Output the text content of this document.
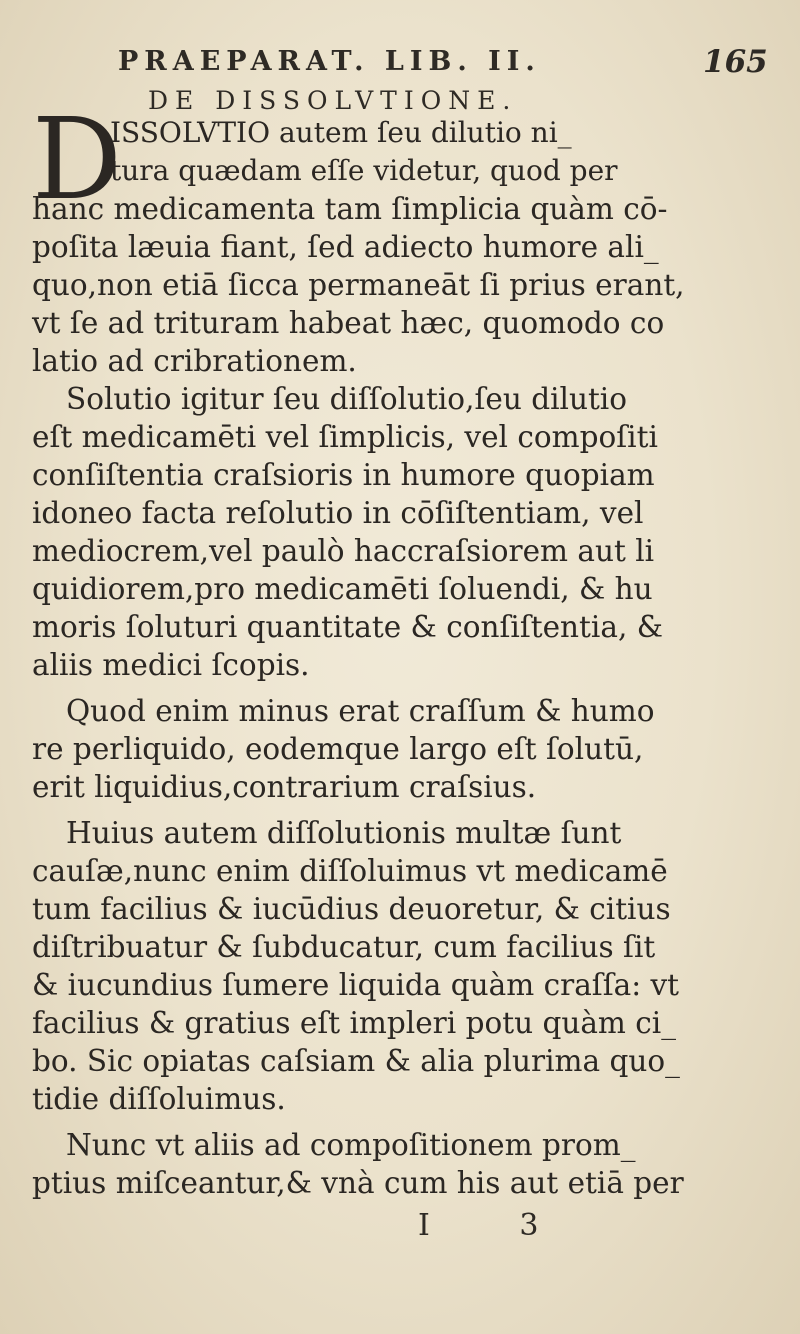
PRAEPARAT. LIB. II.	165
DE DISSOLVTIONE.
D
ISSOLVTIO autem ſeu dilutio ni_
tura quædam eſſe videtur, quod per
hanc medicamenta tam ſimplicia quàm cō-
poſita læuia fiant, ſed adiecto humore ali_
quo,non etiā ſicca permaneāt ſi prius erant,
vt ſe ad trituram habeat hæc, quomodo co
latio ad cribrationem.
Solutio igitur ſeu diſſolutio,ſeu dilutio
eſt medicamēti vel ſimplicis, vel compoſiti
conſiſtentia craſsioris in humore quopiam
idoneo facta reſolutio in cōſiſtentiam, vel
mediocrem,vel paulò haccraſsiorem aut li
quidiorem,pro medicamēti ſoluendi, & hu
moris ſoluturi quantitate & conſiſtentia, &
aliis medici ſcopis.
Quod enim minus erat craſſum & humo
re perliquido, eodemque largo eſt ſolutū,
erit liquidius,contrarium craſsius.
Huius autem diſſolutionis multæ ſunt
cauſæ,nunc enim diſſoluimus vt medicamē
tum facilius & iucūdius deuoretur, & citius
diſtribuatur & ſubducatur, cum facilius ſit
& iucundius ſumere liquida quàm craſſa: vt
facilius & gratius eſt impleri potu quàm ci_
bo. Sic opiatas caſsiam & alia plurima quo_
tidie diſſoluimus.
Nunc vt aliis ad compoſitionem prom_
ptius miſceantur,& vnà cum his aut etiā per
I 3
